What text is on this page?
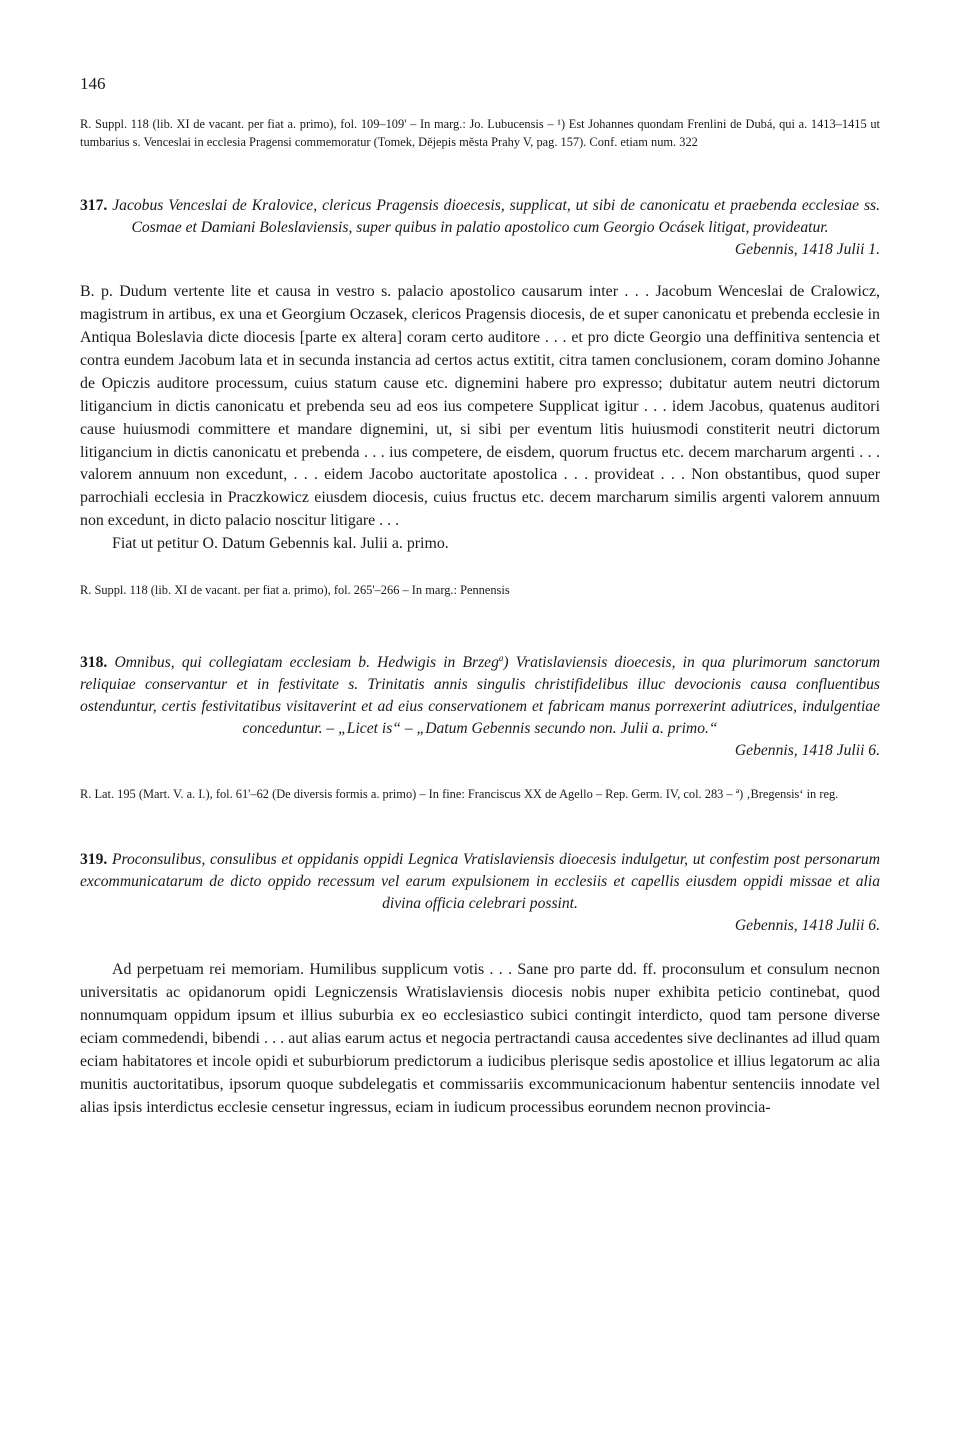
146

R. Suppl. 118 (lib. XI de vacant. per fiat a. primo), fol. 109–109' – In marg.: Jo. Lubucensis – ¹) Est Johannes quondam Frenlini de Dubá, qui a. 1413–1415 ut tumbarius s. Venceslai in ecclesia Pragensi commemoratur (Tomek, Dějepis města Prahy V, pag. 157). Conf. etiam num. 322

317. Jacobus Venceslai de Kralovice, clericus Pragensis dioecesis, supplicat, ut sibi de canonicatu et praebenda ecclesiae ss. Cosmae et Damiani Boleslaviensis, super quibus in palatio apostolico cum Georgio Ocásek litigat, provideatur.

Gebennis, 1418 Julii 1.

B. p. Dudum vertente lite et causa in vestro s. palacio apostolico causarum inter . . . Jacobum Wenceslai de Cralowicz, magistrum in artibus, ex una et Georgium Oczasek, clericos Pragensis diocesis, de et super canonicatu et prebenda ecclesie in Antiqua Boleslavia dicte diocesis [parte ex altera] coram certo auditore . . . et pro dicte Georgio una deffinitiva sentencia et contra eundem Jacobum lata et in secunda instancia ad certos actus extitit, citra tamen conclusionem, coram domino Johanne de Opiczis auditore processum, cuius statum cause etc. dignemini habere pro expresso; dubitatur autem neutri dictorum litigancium in dictis canonicatu et prebenda seu ad eos ius competere Supplicat igitur . . . idem Jacobus, quatenus auditori cause huiusmodi committere et mandare dignemini, ut, si sibi per eventum litis huiusmodi constiterit neutri dictorum litigancium in dictis canonicatu et prebenda . . . ius competere, de eisdem, quorum fructus etc. decem marcharum argenti . . . valorem annuum non excedunt, . . . eidem Jacobo auctoritate apostolica . . . provideat . . . Non obstantibus, quod super parrochiali ecclesia in Praczkowicz eiusdem diocesis, cuius fructus etc. decem marcharum similis argenti valorem annuum non excedunt, in dicto palacio noscitur litigare . . .

Fiat ut petitur O. Datum Gebennis kal. Julii a. primo.

R. Suppl. 118 (lib. XI de vacant. per fiat a. primo), fol. 265'–266 – In marg.: Pennensis

318. Omnibus, qui collegiatam ecclesiam b. Hedwigis in Brzeg$^a$) Vratislaviensis dioecesis, in qua plurimorum sanctorum reliquiae conservantur et in festivitate s. Trinitatis annis singulis christifidelibus illuc devocionis causa confluentibus ostenduntur, certis festivitatibus visitaverint et ad eius conservationem et fabricam manus porrexerint adiutrices, indulgentiae conceduntur. – „Licet is“ – „Datum Gebennis secundo non. Julii a. primo.“

Gebennis, 1418 Julii 6.

R. Lat. 195 (Mart. V. a. I.), fol. 61'–62 (De diversis formis a. primo) – In fine: Franciscus XX de Agello – Rep. Germ. IV, col. 283 – ª) ‚Bregensis‘ in reg.

319. Proconsulibus, consulibus et oppidanis oppidi Legnica Vratislaviensis dioecesis indulgetur, ut confestim post personarum excommunicatarum de dicto oppido recessum vel earum expulsionem in ecclesiis et capellis eiusdem oppidi missae et alia divina officia celebrari possint.

Gebennis, 1418 Julii 6.

Ad perpetuam rei memoriam. Humilibus supplicum votis . . . Sane pro parte dd. ff. proconsulum et consulum necnon universitatis ac opidanorum opidi Legniczensis Wratislaviensis diocesis nobis nuper exhibita peticio continebat, quod nonnumquam oppidum ipsum et illius suburbia ex eo ecclesiastico subici contingit interdicto, quod tam persone diverse eciam commedendi, bibendi . . . aut alias earum actus et negocia pertractandi causa accedentes sive declinantes ad illud quam eciam habitatores et incole opidi et suburbiorum predictorum a iudicibus plerisque sedis apostolice et illius legatorum ac alia munitis auctoritatibus, ipsorum quoque subdelegatis et commissariis excommunicacionum habentur sentenciis innodate vel alias ipsis interdictus ecclesie censetur ingressus, eciam in iudicum processibus eorundem necnon provincia-
